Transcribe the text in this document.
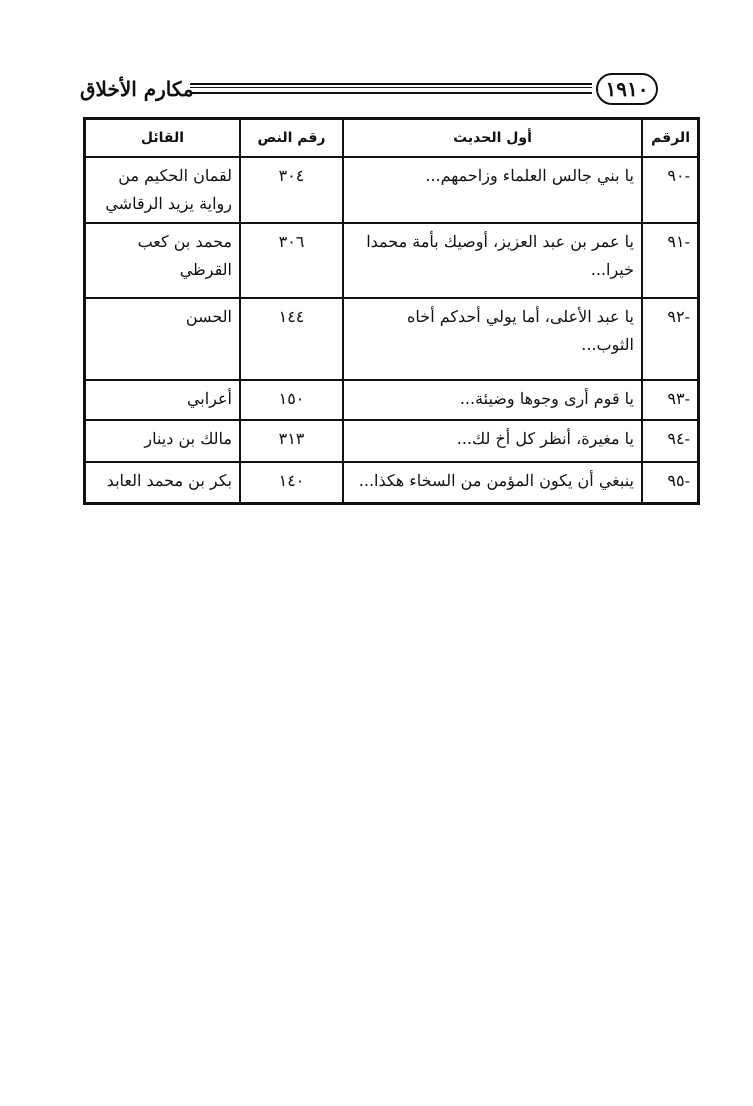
مكارم الأخلاق	١٩١٠
الرقم	أول الحديث	رقم النص	القائل
-٩٠	يا بني جالس العلماء وزاحمهم...	٣٠٤	لقمان الحكيم من رواية يزيد الرقاشي
-٩١	يا عمر بن عبد العزيز، أوصيك بأمة محمدا خيرا...	٣٠٦	محمد بن كعب القرظي
-٩٢	يا عبد الأعلى، أما يولي أحدكم أخاه الثوب...	١٤٤	الحسن
-٩٣	يا قوم أرى وجوها وضيئة...	١٥٠	أعرابي
-٩٤	يا مغيرة، أنظر كل أخ لك...	٣١٣	مالك بن دينار
-٩٥	ينبغي أن يكون المؤمن من السخاء هكذا...	١٤٠	بكر بن محمد العابد
